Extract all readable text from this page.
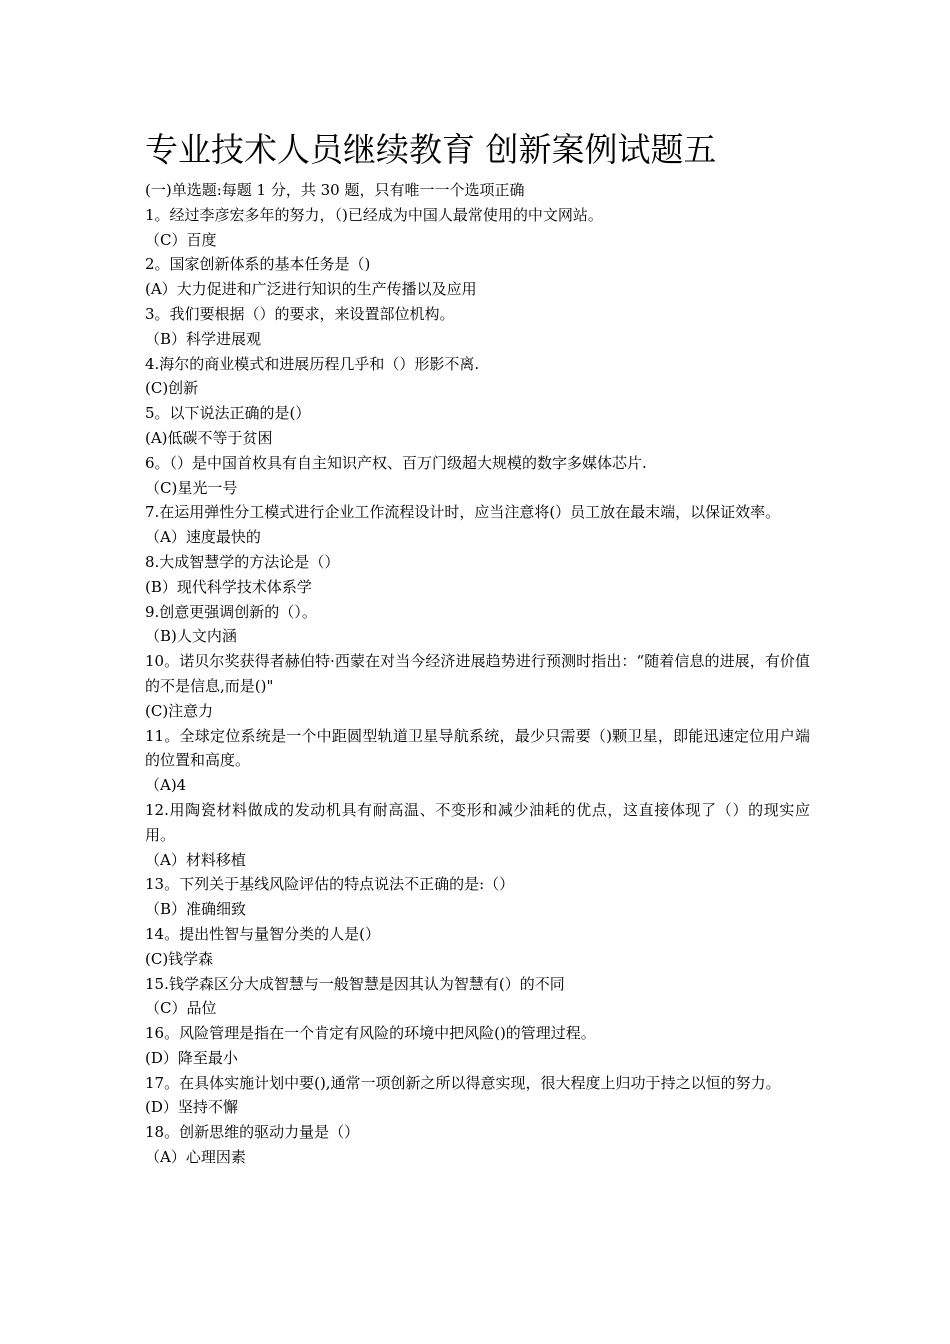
专业技术人员继续教育 创新案例试题五

(一)单选题:每题 1 分，共 30 题，只有唯一一个选项正确

1。经过李彦宏多年的努力，（)已经成为中国人最常使用的中文网站。

（C）百度

2。国家创新体系的基本任务是（)

(A）大力促进和广泛进行知识的生产传播以及应用

3。我们要根据（）的要求，来设置部位机构。

（B）科学进展观

4.海尔的商业模式和进展历程几乎和（）形影不离.

(C)创新

5。以下说法正确的是(）

(A)低碳不等于贫困

6。（）是中国首枚具有自主知识产权、百万门级超大规模的数字多媒体芯片.

（C)星光一号

7.在运用弹性分工模式进行企业工作流程设计时，应当注意将(）员工放在最末端，以保证效率。

（A）速度最快的

8.大成智慧学的方法论是（）

(B）现代科学技术体系学

9.创意更强调创新的（）。

（B)人文内涵

10。诺贝尔奖获得者赫伯特·西蒙在对当今经济进展趋势进行预测时指出：“随着信息的进展，有价值的不是信息,而是()"

(C)注意力

11。全球定位系统是一个中距圆型轨道卫星导航系统，最少只需要（)颗卫星，即能迅速定位用户端的位置和高度。

（A)4

12.用陶瓷材料做成的发动机具有耐高温、不变形和减少油耗的优点，这直接体现了（）的现实应用。

（A）材料移植

13。下列关于基线风险评估的特点说法不正确的是:（）

（B）准确细致

14。提出性智与量智分类的人是(）

(C)钱学森

15.钱学森区分大成智慧与一般智慧是因其认为智慧有(）的不同

（C）品位

16。风险管理是指在一个肯定有风险的环境中把风险()的管理过程。

(D）降至最小

17。在具体实施计划中要(),通常一项创新之所以得意实现，很大程度上归功于持之以恒的努力。

(D）坚持不懈

18。创新思维的驱动力量是（）

（A）心理因素
